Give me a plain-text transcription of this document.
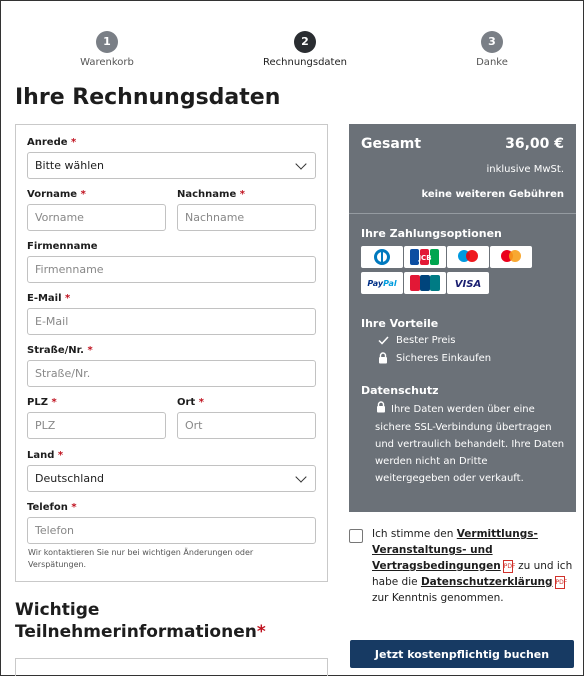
1
Warenkorb
2
Rechnungsdaten
3
Danke
Ihre Rechnungsdaten
Anrede *
Bitte wählen
Vorname *
Vorname
Nachname *
Nachname
Firmenname
Firmenname
E-Mail *
E-Mail
Straße/Nr. *
Straße/Nr.
PLZ *
PLZ
Ort *
Ort
Land *
Deutschland
Telefon *
Telefon
Wir kontaktieren Sie nur bei wichtigen Änderungen oder Verspätungen.
Wichtige
Teilnehmerinformationen*
Gesamt	36,00 €
inklusive MwSt.
keine weiteren Gebühren
Ihre Zahlungsoptionen
JCB
PayPal	VISA
Ihre Vorteile
Bester Preis
Sicheres Einkaufen
Datenschutz
Ihre Daten werden über eine sichere SSL-Verbindung übertragen und vertraulich behandelt. Ihre Daten werden nicht an Dritte weitergegeben oder verkauft.
Ich stimme den Vermittlungs- Veranstaltungs- und Vertragsbedingungen PDF zu und ich habe die Datenschutzerklärung PDF zur Kenntnis genommen.
Jetzt kostenpflichtig buchen
